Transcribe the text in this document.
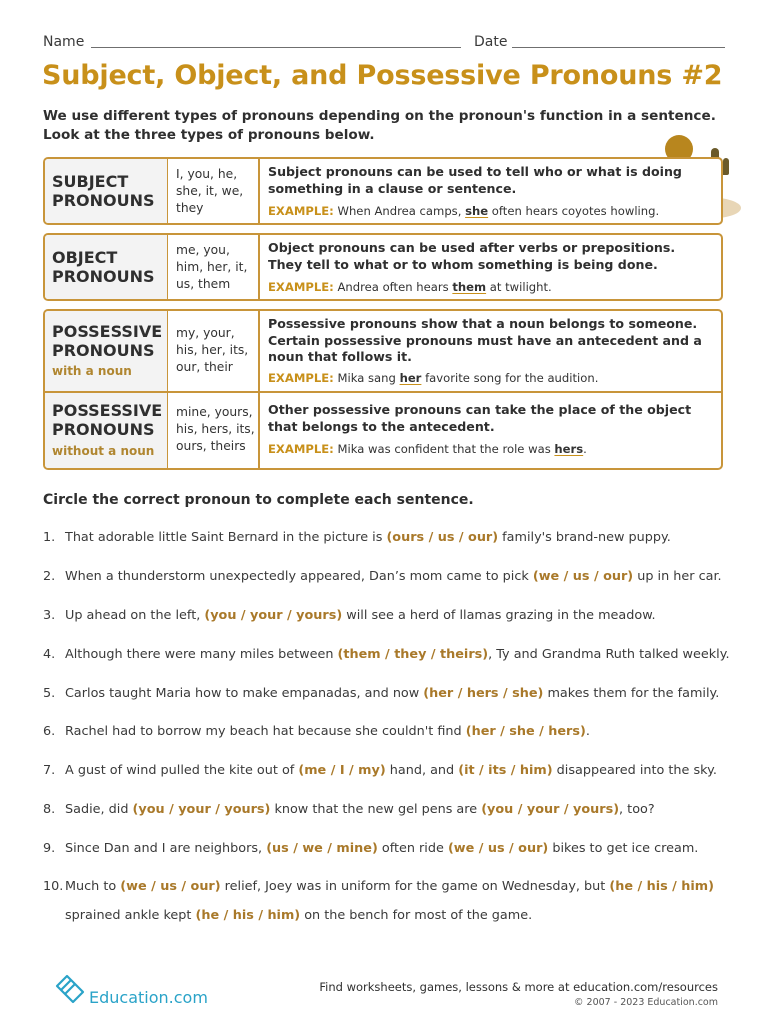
Name	Date
Subject, Object, and Possessive Pronouns #2
We use different types of pronouns depending on the pronoun's function in a sentence. Look at the three types of pronouns below.
SUBJECT
PRONOUNS
I, you, he, she, it, we, they
Subject pronouns can be used to tell who or what is doing something in a clause or sentence.
EXAMPLE: When Andrea camps, she often hears coyotes howling.
OBJECT
PRONOUNS
me, you, him, her, it, us, them
Object pronouns can be used after verbs or prepositions. They tell to what or to whom something is being done.
EXAMPLE: Andrea often hears them at twilight.
POSSESSIVE
PRONOUNS
with a noun
my, your, his, her, its, our, their
Possessive pronouns show that a noun belongs to someone. Certain possessive pronouns must have an antecedent and a noun that follows it.
EXAMPLE: Mika sang her favorite song for the audition.
POSSESSIVE
PRONOUNS
without a noun
mine, yours, his, hers, its, ours, theirs
Other possessive pronouns can take the place of the object that belongs to the antecedent.
EXAMPLE: Mika was confident that the role was hers.
Circle the correct pronoun to complete each sentence.
1. That adorable little Saint Bernard in the picture is (ours / us / our) family's brand-new puppy.
2. When a thunderstorm unexpectedly appeared, Dan’s mom came to pick (we / us / our) up in her car.
3. Up ahead on the left, (you / your / yours) will see a herd of llamas grazing in the meadow.
4. Although there were many miles between (them / they / theirs), Ty and Grandma Ruth talked weekly.
5. Carlos taught Maria how to make empanadas, and now (her / hers / she) makes them for the family.
6. Rachel had to borrow my beach hat because she couldn't find (her / she / hers).
7. A gust of wind pulled the kite out of (me / I / my) hand, and (it / its / him) disappeared into the sky.
8. Sadie, did (you / your / yours) know that the new gel pens are (you / your / yours), too?
9. Since Dan and I are neighbors, (us / we / mine) often ride (we / us / our) bikes to get ice cream.
10. Much to (we / us / our) relief, Joey was in uniform for the game on Wednesday, but (he / his / him)
sprained ankle kept (he / his / him) on the bench for most of the game.
Education.com
Find worksheets, games, lessons & more at education.com/resources
© 2007 - 2023 Education.com
